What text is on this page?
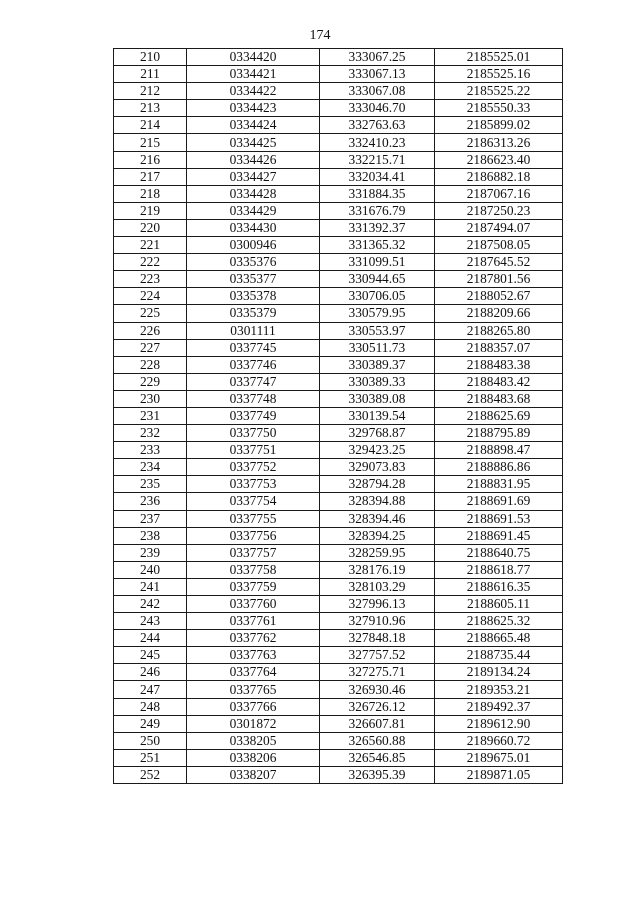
174
210	0334420	333067.25	2185525.01
211	0334421	333067.13	2185525.16
212	0334422	333067.08	2185525.22
213	0334423	333046.70	2185550.33
214	0334424	332763.63	2185899.02
215	0334425	332410.23	2186313.26
216	0334426	332215.71	2186623.40
217	0334427	332034.41	2186882.18
218	0334428	331884.35	2187067.16
219	0334429	331676.79	2187250.23
220	0334430	331392.37	2187494.07
221	0300946	331365.32	2187508.05
222	0335376	331099.51	2187645.52
223	0335377	330944.65	2187801.56
224	0335378	330706.05	2188052.67
225	0335379	330579.95	2188209.66
226	0301111	330553.97	2188265.80
227	0337745	330511.73	2188357.07
228	0337746	330389.37	2188483.38
229	0337747	330389.33	2188483.42
230	0337748	330389.08	2188483.68
231	0337749	330139.54	2188625.69
232	0337750	329768.87	2188795.89
233	0337751	329423.25	2188898.47
234	0337752	329073.83	2188886.86
235	0337753	328794.28	2188831.95
236	0337754	328394.88	2188691.69
237	0337755	328394.46	2188691.53
238	0337756	328394.25	2188691.45
239	0337757	328259.95	2188640.75
240	0337758	328176.19	2188618.77
241	0337759	328103.29	2188616.35
242	0337760	327996.13	2188605.11
243	0337761	327910.96	2188625.32
244	0337762	327848.18	2188665.48
245	0337763	327757.52	2188735.44
246	0337764	327275.71	2189134.24
247	0337765	326930.46	2189353.21
248	0337766	326726.12	2189492.37
249	0301872	326607.81	2189612.90
250	0338205	326560.88	2189660.72
251	0338206	326546.85	2189675.01
252	0338207	326395.39	2189871.05
